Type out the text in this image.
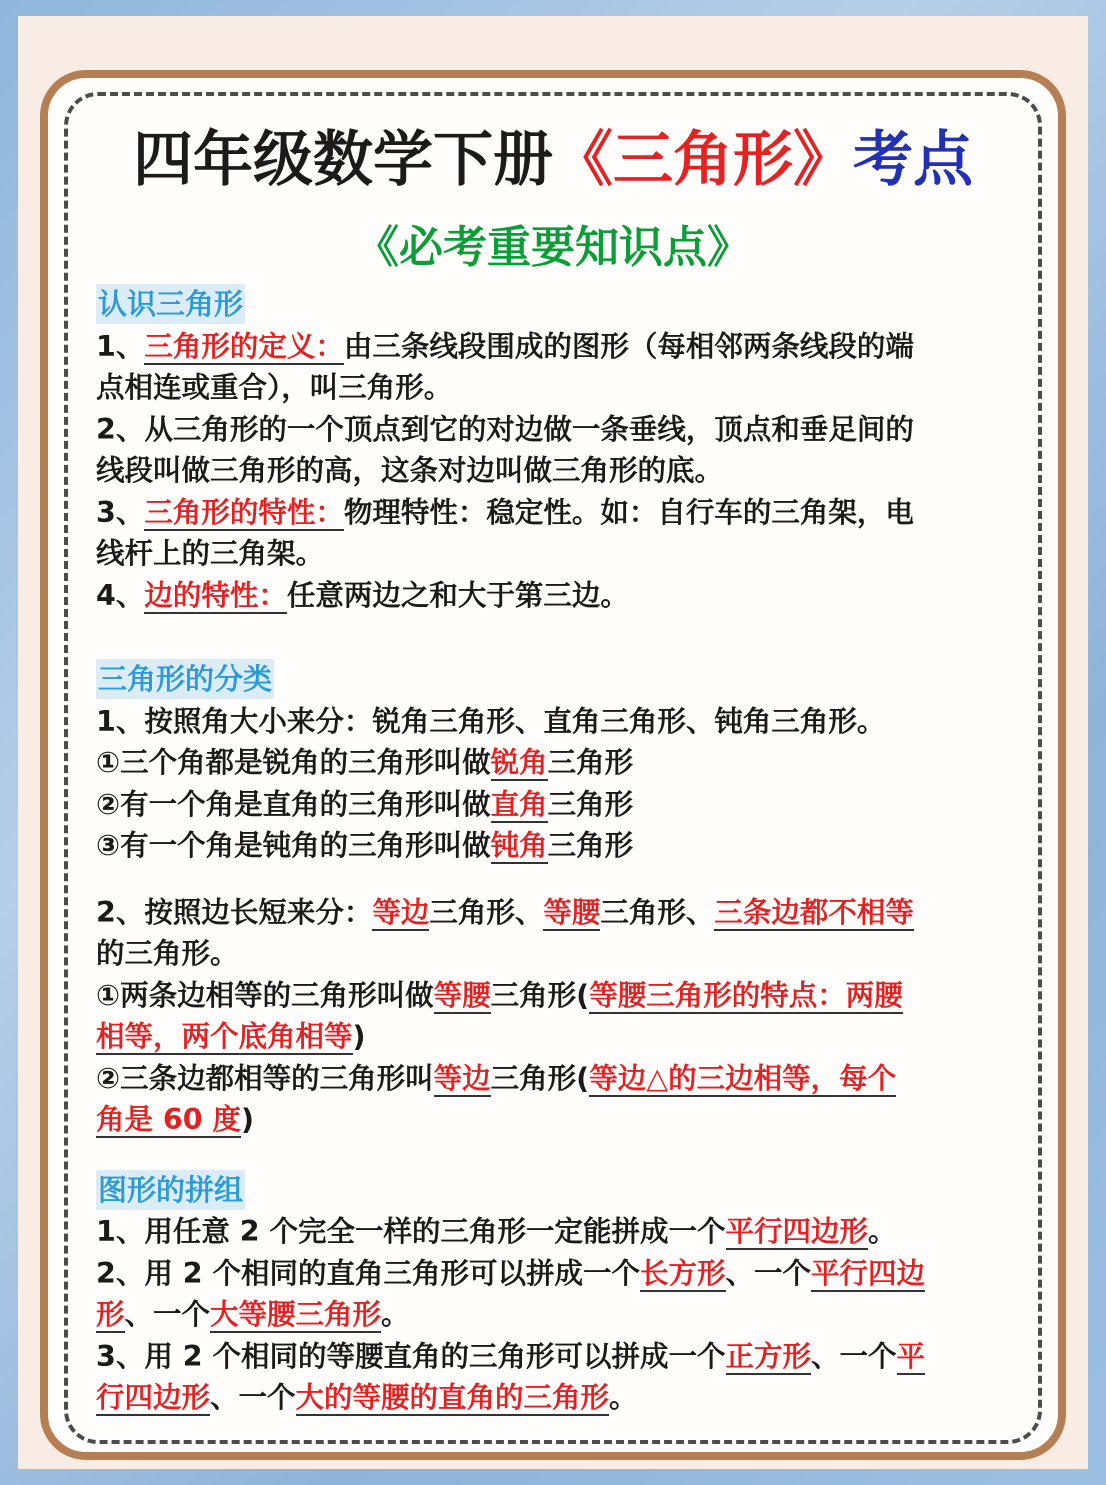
四年级数学下册《三角形》考点
《必考重要知识点》
认识三角形
1、三角形的定义：由三条线段围成的图形（每相邻两条线段的端
点相连或重合），叫三角形。
2、从三角形的一个顶点到它的对边做一条垂线，顶点和垂足间的
线段叫做三角形的高，这条对边叫做三角形的底。
3、三角形的特性：物理特性：稳定性。如：自行车的三角架，电
线杆上的三角架。
4、边的特性：任意两边之和大于第三边。
三角形的分类
1、按照角大小来分：锐角三角形、直角三角形、钝角三角形。
①三个角都是锐角的三角形叫做锐角三角形
②有一个角是直角的三角形叫做直角三角形
③有一个角是钝角的三角形叫做钝角三角形
2、按照边长短来分：等边三角形、等腰三角形、三条边都不相等
的三角形。
①两条边相等的三角形叫做等腰三角形(等腰三角形的特点：两腰
相等，两个底角相等)
②三条边都相等的三角形叫等边三角形(等边△的三边相等，每个
角是 60 度)
图形的拼组
1、用任意 2 个完全一样的三角形一定能拼成一个平行四边形。
2、用 2 个相同的直角三角形可以拼成一个长方形、一个平行四边
形、一个大等腰三角形。
3、用 2 个相同的等腰直角的三角形可以拼成一个正方形、一个平
行四边形、一个大的等腰的直角的三角形。
